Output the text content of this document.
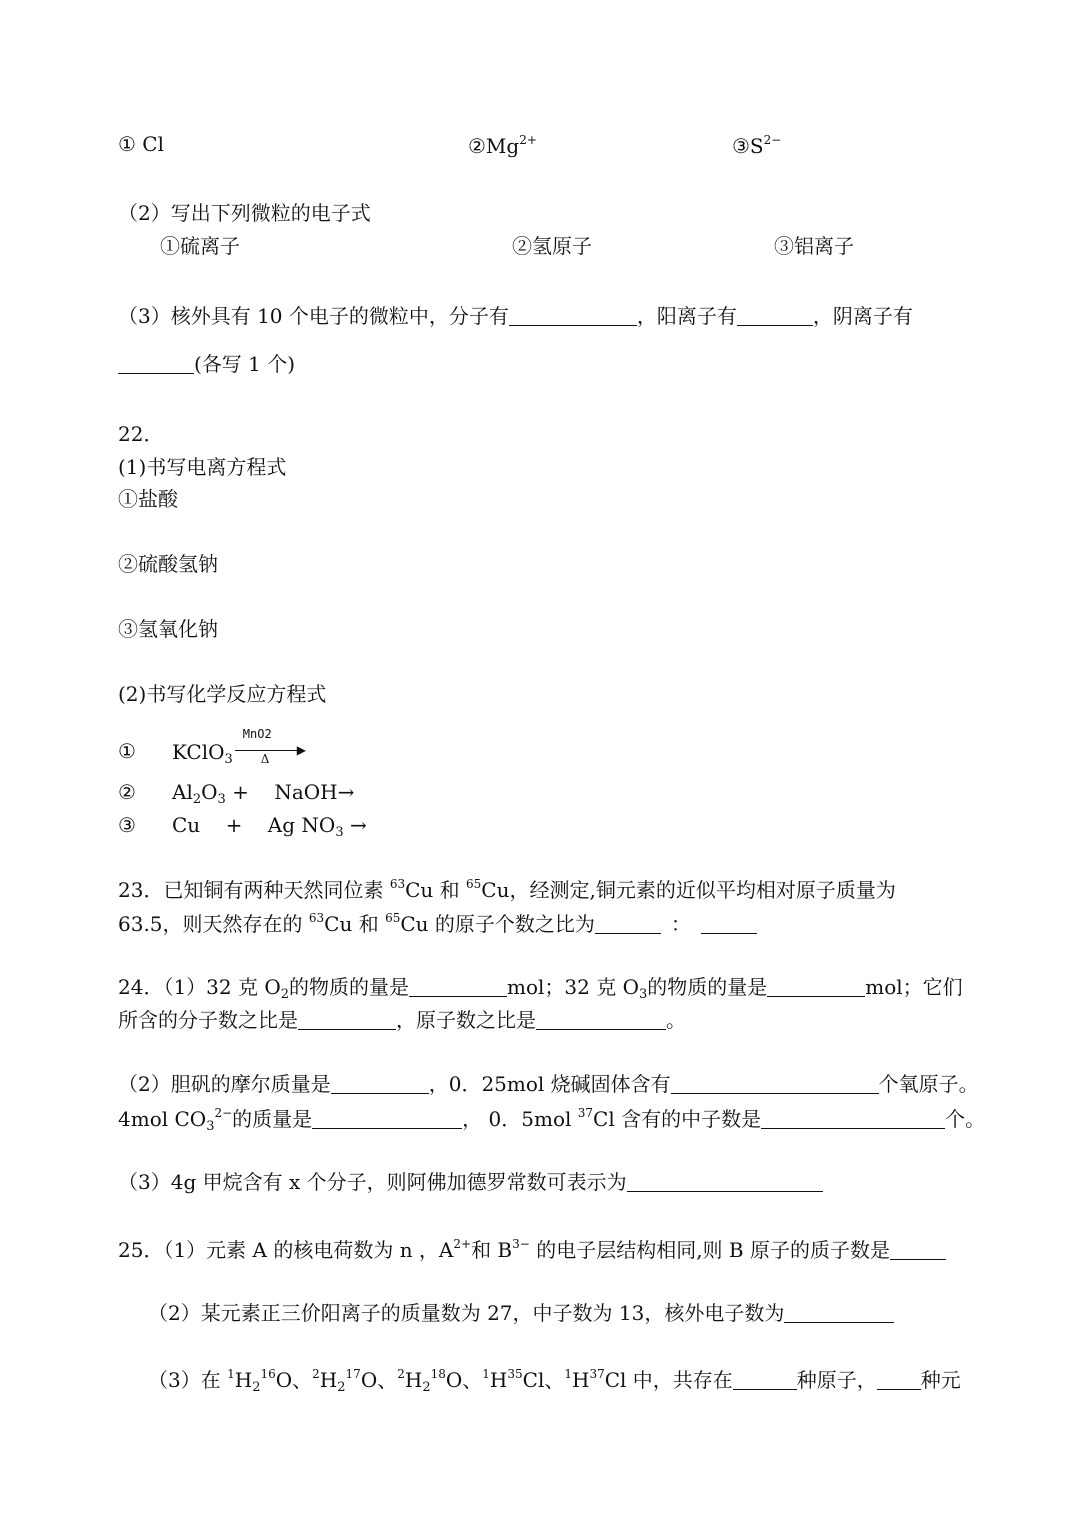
① Cl	$②Mg^{2+}$	$③S^{2-}$
（2）写出下列微粒的电子式
①硫离子	②氢原子	③铝离子
（3）核外具有 10 个电子的微粒中，分子有	，阳离子有	，阴离子有
(各写 1 个)
22．
(1)书写电离方程式
①盐酸
②硫酸氢钠
③氢氧化钠
(2)书写化学反应方程式
① KClO$_3$
MnO2
▶
Δ
② $Al_2O_3$ +    NaOH→
③ Cu    +    Ag $NO_3$ →
23．已知铜有两种天然同位素 $^{63}$Cu 和 $^{65}$Cu，经测定,铜元素的近似平均相对原子质量为
63.5，则天然存在的 $^{63}$Cu 和 $^{65}$Cu 的原子个数之比为	：
24．（1）32 克 $O_2$的物质的量是	mol；32 克 $O_3$的物质的量是	mol；它们
所含的分子数之比是	，原子数之比是	。
（2）胆矾的摩尔质量是	，0．25mol 烧碱固体含有	个氧原子。
4mol $CO_3^{2-}$的质量是	， 0．5mol $^{37}$Cl 含有的中子数是	个。
（3）4g 甲烷含有 x 个分子，则阿佛加德罗常数可表示为
25．（1）元素 A 的核电荷数为 n ，$A^{2+}$和 $B^{3-}$ 的电子层结构相同,则 B 原子的质子数是
（2）某元素正三价阳离子的质量数为 27，中子数为 13，核外电子数为
（3）在 $^1H_2^{16}O$、$^2H_2^{17}O$、$^2H_2^{18}O$、$^1H^{35}Cl$、$^1H^{37}Cl$ 中，共存在	种原子， 种元
